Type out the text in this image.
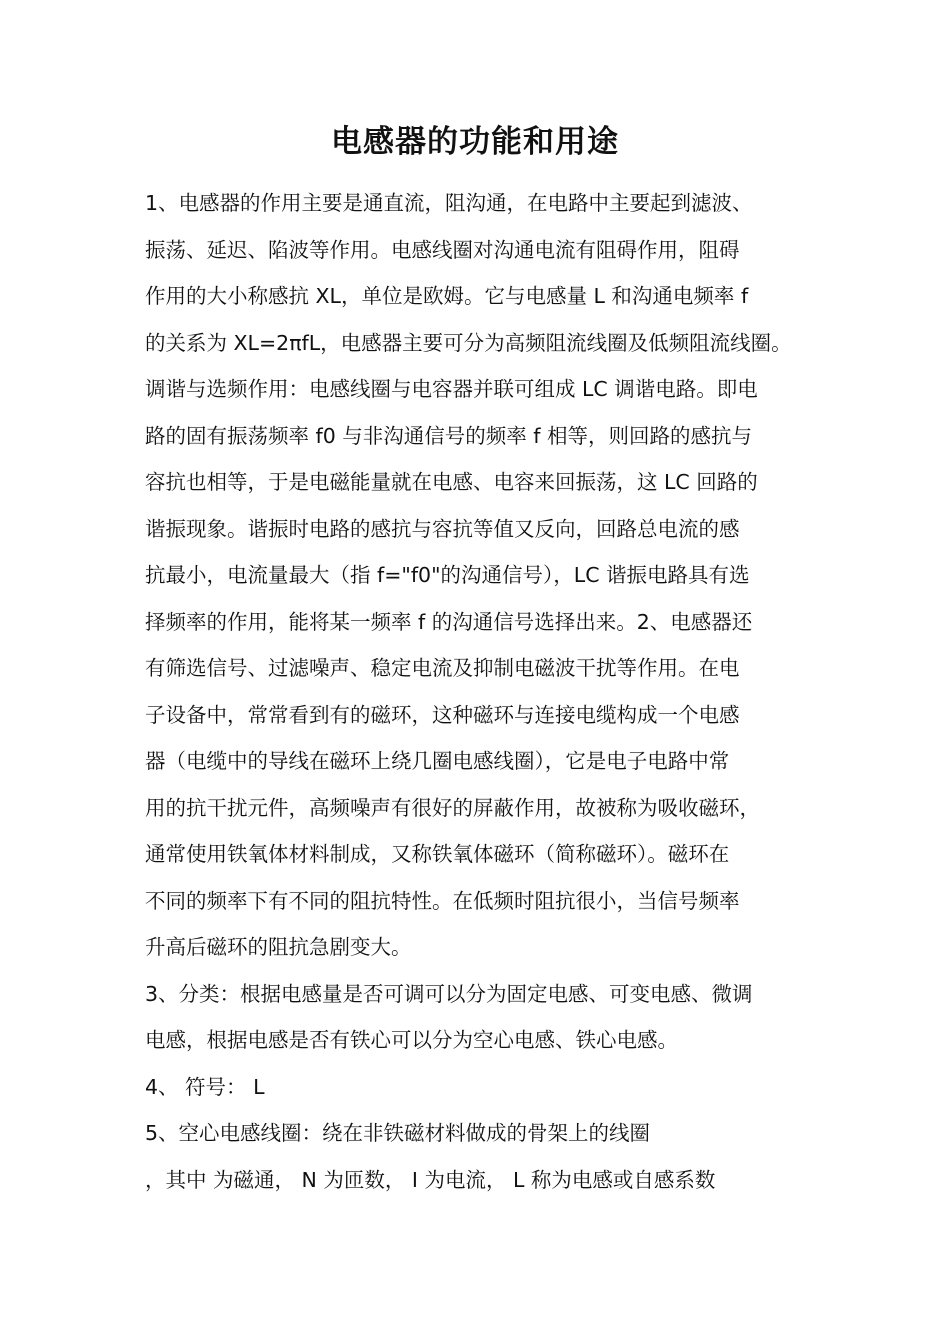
电感器的功能和用途
1、电感器的作用主要是通直流，阻沟通，在电路中主要起到滤波、
振荡、延迟、陷波等作用。电感线圈对沟通电流有阻碍作用，阻碍
作用的大小称感抗 XL，单位是欧姆。它与电感量 L 和沟通电频率 f
的关系为 XL=2πfL，电感器主要可分为高频阻流线圈及低频阻流线圈。
调谐与选频作用：电感线圈与电容器并联可组成 LC 调谐电路。即电
路的固有振荡频率 f0 与非沟通信号的频率 f 相等，则回路的感抗与
容抗也相等，于是电磁能量就在电感、电容来回振荡，这 LC 回路的
谐振现象。谐振时电路的感抗与容抗等值又反向，回路总电流的感
抗最小，电流量最大（指 f="f0"的沟通信号），LC 谐振电路具有选
择频率的作用，能将某一频率 f 的沟通信号选择出来。2、电感器还
有筛选信号、过滤噪声、稳定电流及抑制电磁波干扰等作用。在电
子设备中，常常看到有的磁环，这种磁环与连接电缆构成一个电感
器（电缆中的导线在磁环上绕几圈电感线圈），它是电子电路中常
用的抗干扰元件，高频噪声有很好的屏蔽作用，故被称为吸收磁环，
通常使用铁氧体材料制成，又称铁氧体磁环（简称磁环）。磁环在
不同的频率下有不同的阻抗特性。在低频时阻抗很小，当信号频率
升高后磁环的阻抗急剧变大。
3、分类：根据电感量是否可调可以分为固定电感、可变电感、微调
电感，根据电感是否有铁心可以分为空心电感、铁心电感。
4、 符号： L
5、空心电感线圈：绕在非铁磁材料做成的骨架上的线圈
，其中 为磁通， N 为匝数， I 为电流， L 称为电感或自感系数
